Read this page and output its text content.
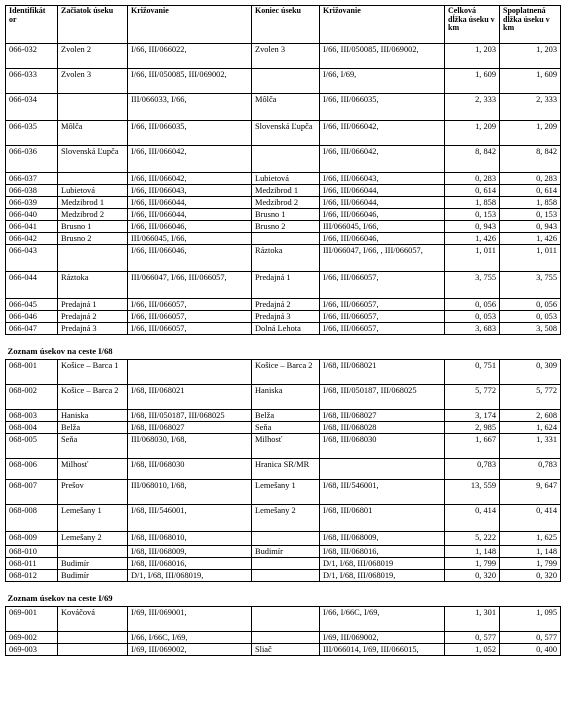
Identifikát or	Začiatok úseku	Križovanie	Koniec úseku	Križovanie	Celková dĺžka úseku v km	Spoplatnená dĺžka úseku v km
066-032	Zvolen 2	I/66, III/066022,	Zvolen 3	I/66, III/050085, III/069002,	1, 203	1, 203
066-033	Zvolen 3	I/66, III/050085, III/069002,		I/66, I/69,	1, 609	1, 609
066-034		III/066033, I/66,	Môlča	I/66, III/066035,	2, 333	2, 333
066-035	Môlča	I/66, III/066035,	Slovenská Ľupča	I/66, III/066042,	1, 209	1, 209
066-036	Slovenská Ľupča	I/66, III/066042,		I/66, III/066042,	8, 842	8, 842
066-037		I/66, III/066042,	Lubietová	I/66, III/066043,	0, 283	0, 283
066-038	Lubietová	I/66, III/066043,	Medzibrod 1	I/66, III/066044,	0, 614	0, 614
066-039	Medzibrod 1	I/66, III/066044,	Medzibrod 2	I/66, III/066044,	1, 858	1, 858
066-040	Medzibrod 2	I/66, III/066044,	Brusno 1	I/66, III/066046,	0, 153	0, 153
066-041	Brusno 1	I/66, III/066046,	Brusno 2	III/066045, I/66,	0, 943	0, 943
066-042	Brusno 2	III/066045, I/66,		I/66, III/066046,	1, 426	1, 426
066-043		I/66, III/066046,	Ráztoka	III/066047, I/66, , III/066057,	1, 011	1, 011
066-044	Ráztoka	III/066047, I/66, III/066057,	Predajná 1	I/66, III/066057,	3, 755	3, 755
066-045	Predajná 1	I/66, III/066057,	Predajná 2	I/66, III/066057,	0, 056	0, 056
066-046	Predajná 2	I/66, III/066057,	Predajná 3	I/66, III/066057,	0, 053	0, 053
066-047	Predajná 3	I/66, III/066057,	Dolná Lehota	I/66, III/066057,	3, 683	3, 508
Zoznam úsekov na ceste I/68						
068-001	Košice – Barca 1		Košice – Barca 2	I/68, III/068021	0, 751	0, 309
068-002	Košice – Barca 2	I/68, III/068021	Haniska	I/68, III/050187, III/068025	5, 772	5, 772
068-003	Haniska	I/68, III/050187, III/068025	Belža	I/68, III/068027	3, 174	2, 608
068-004	Belža	I/68, III/068027	Seňa	I/68, III/068028	2, 985	1, 624
068-005	Seňa	III/068030, I/68,	Milhosť	I/68, III/068030	1, 667	1, 331
068-006	Milhosť	I/68, III/068030	Hranica SR/MR		0,783	0,783
068-007	Prešov	III/068010, I/68,	Lemešany 1	I/68, III/546001,	13, 559	9, 647
068-008	Lemešany 1	I/68, III/546001,	Lemešany 2	I/68, III/06801	0, 414	0, 414
068-009	Lemešany 2	I/68, III/068010,		I/68, III/068009,	5, 222	1, 625
068-010		I/68, III/068009,	Budimír	I/68, III/068016,	1, 148	1, 148
068-011	Budimír	I/68, III/068016,		D/1, I/68, III/068019	1, 799	1, 799
068-012	Budimír	D/1, I/68, III/068019,		D/1, I/68, III/068019,	0, 320	0, 320
Zoznam úsekov na ceste I/69						
069-001	Kováčová	I/69, III/069001,		I/66, I/66C, I/69,	1, 301	1, 095
069-002		I/66, I/66C, I/69,		I/69, III/069002,	0, 577	0, 577
069-003		I/69, III/069002,	Sliač	III/066014, I/69, III/066015,	1, 052	0, 400
